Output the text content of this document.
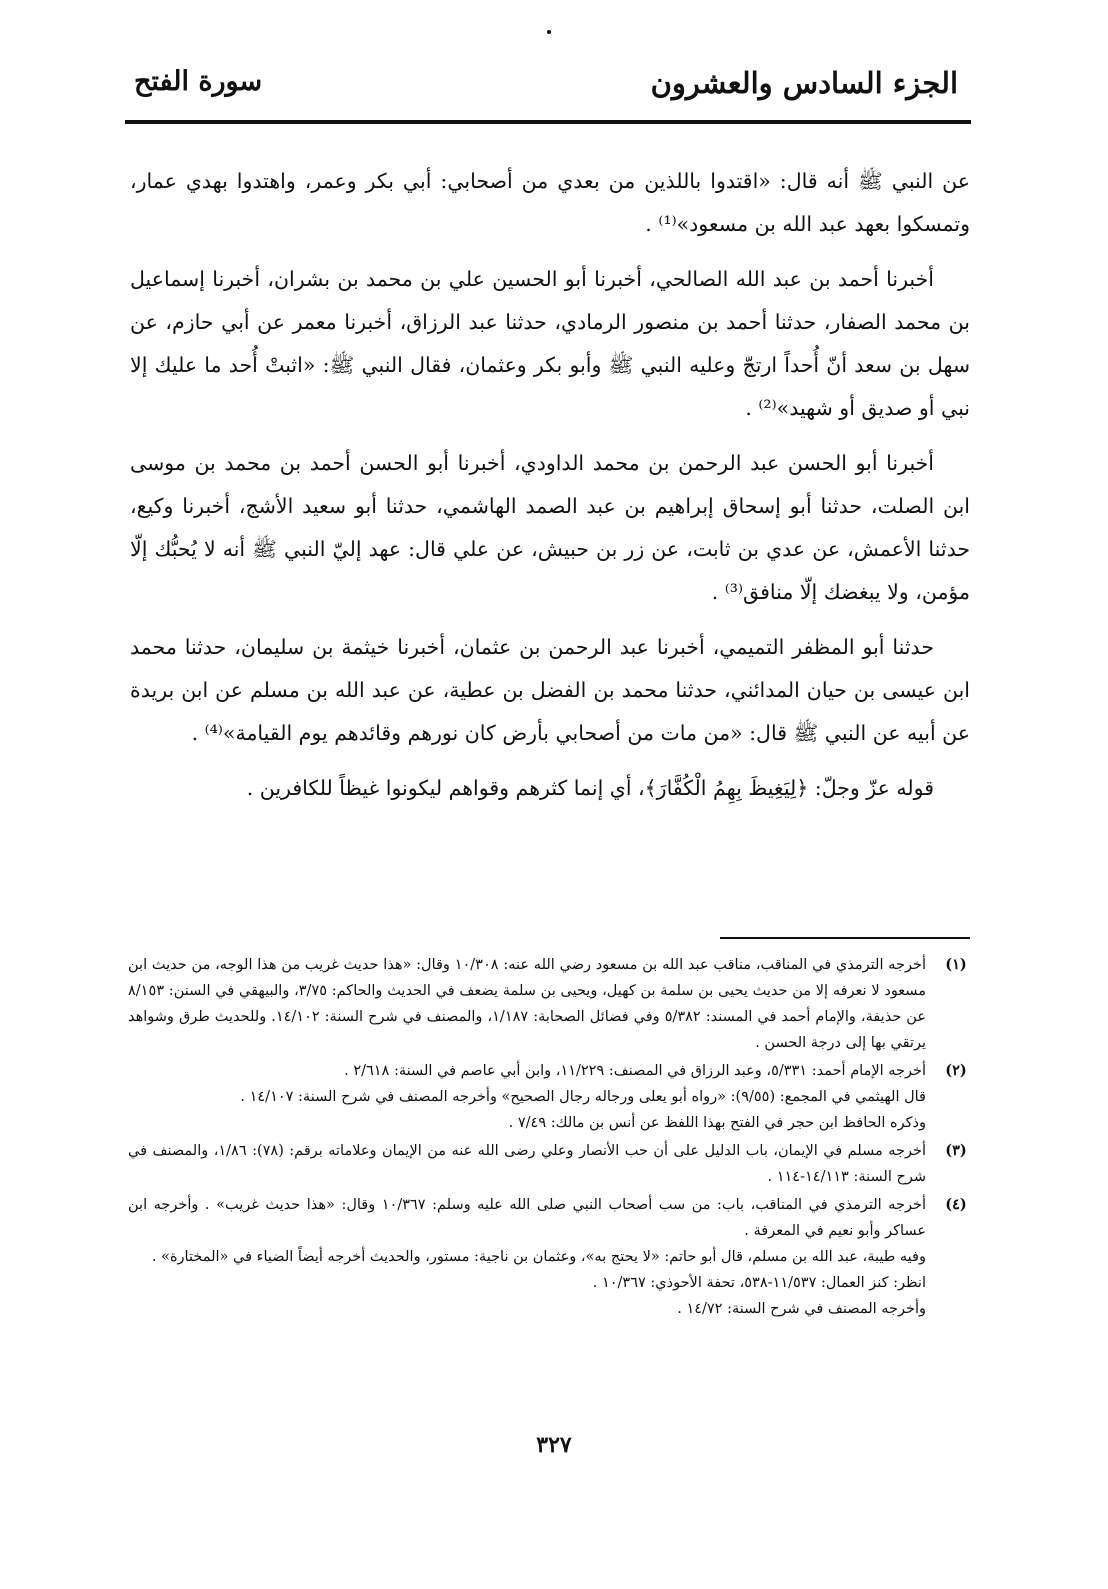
الجزء السادس والعشرون
سورة الفتح

عن النبي ﷺ أنه قال: «اقتدوا باللذين من بعدي من أصحابي: أبي بكر وعمر، واهتدوا بهدي عمار، وتمسكوا بعهد عبد الله بن مسعود»⁽¹⁾ .

أخبرنا أحمد بن عبد الله الصالحي، أخبرنا أبو الحسين علي بن محمد بن بشران، أخبرنا إسماعيل بن محمد الصفار، حدثنا أحمد بن منصور الرمادي، حدثنا عبد الرزاق، أخبرنا معمر عن أبي حازم، عن سهل بن سعد أنّ أُحداً ارتجّ وعليه النبي ﷺ وأبو بكر وعثمان، فقال النبي ﷺ: «اثبتْ أُحد ما عليك إلا نبي أو صديق أو شهيد»⁽²⁾ .

أخبرنا أبو الحسن عبد الرحمن بن محمد الداودي، أخبرنا أبو الحسن أحمد بن محمد بن موسى ابن الصلت، حدثنا أبو إسحاق إبراهيم بن عبد الصمد الهاشمي، حدثنا أبو سعيد الأشج، أخبرنا وكيع، حدثنا الأعمش، عن عدي بن ثابت، عن زر بن حبيش، عن علي قال: عهد إليّ النبي ﷺ أنه لا يُحبُّك إلّا مؤمن، ولا يبغضك إلّا منافق⁽³⁾ .

حدثنا أبو المظفر التميمي، أخبرنا عبد الرحمن بن عثمان، أخبرنا خيثمة بن سليمان، حدثنا محمد ابن عيسى بن حيان المدائني، حدثنا محمد بن الفضل بن عطية، عن عبد الله بن مسلم عن ابن بريدة عن أبيه عن النبي ﷺ قال: «من مات من أصحابي بأرض كان نورهم وقائدهم يوم القيامة»⁽⁴⁾ .

قوله عزّ وجلّ: ﴿لِيَغِيظَ بِهِمُ الْكُفَّارَ﴾، أي إنما كثرهم وقواهم ليكونوا غيظاً للكافرين .

(١)
أخرجه الترمذي في المناقب، مناقب عبد الله بن مسعود رضي الله عنه: ١٠/٣٠٨ وقال: «هذا حديث غريب من هذا الوجه، من حديث ابن مسعود لا نعرفه إلا من حديث يحيى بن سلمة بن كهيل، ويحيى بن سلمة يضعف في الحديث والحاكم: ٣/٧٥، والبيهقي في السنن: ٨/١٥٣ عن حذيفة، والإمام أحمد في المسند: ٥/٣٨٢ وفي فضائل الصحابة: ١/١٨٧، والمصنف في شرح السنة: ١٤/١٠٢. وللحديث طرق وشواهد يرتقي بها إلى درجة الحسن .
(٢)
أخرجه الإمام أحمد: ٥/٣٣١، وعبد الرزاق في المصنف: ١١/٢٢٩، وابن أبي عاصم في السنة: ٢/٦١٨ .
قال الهيثمي في المجمع: (٩/٥٥): «رواه أبو يعلى ورجاله رجال الصحيح» وأخرجه المصنف في شرح السنة: ١٤/١٠٧ .
وذكره الحافظ ابن حجر في الفتح بهذا اللفظ عن أنس بن مالك: ٧/٤٩ .
(٣)
أخرجه مسلم في الإيمان، باب الدليل على أن حب الأنصار وعلي رضى الله عنه من الإيمان وعلاماته برقم: (٧٨): ١/٨٦، والمصنف في شرح السنة: ١٤/١١٣-١١٤ .
(٤)
أخرجه الترمذي في المناقب، باب: من سب أصحاب النبي صلى الله عليه وسلم: ١٠/٣٦٧ وقال: «هذا حديث غريب» . وأخرجه ابن عساكر وأبو نعيم في المعرفة .
وفيه طيبة، عبد الله بن مسلم، قال أبو حاتم: «لا يحتج به»، وعثمان بن ناجية: مستور، والحديث أخرجه أيضاً الضياء في «المختارة» .
انظر: كنز العمال: ١١/٥٣٧-٥٣٨، تحفة الأحوذي: ١٠/٣٦٧ .
وأخرجه المصنف في شرح السنة: ١٤/٧٢ .
٣٢٧
